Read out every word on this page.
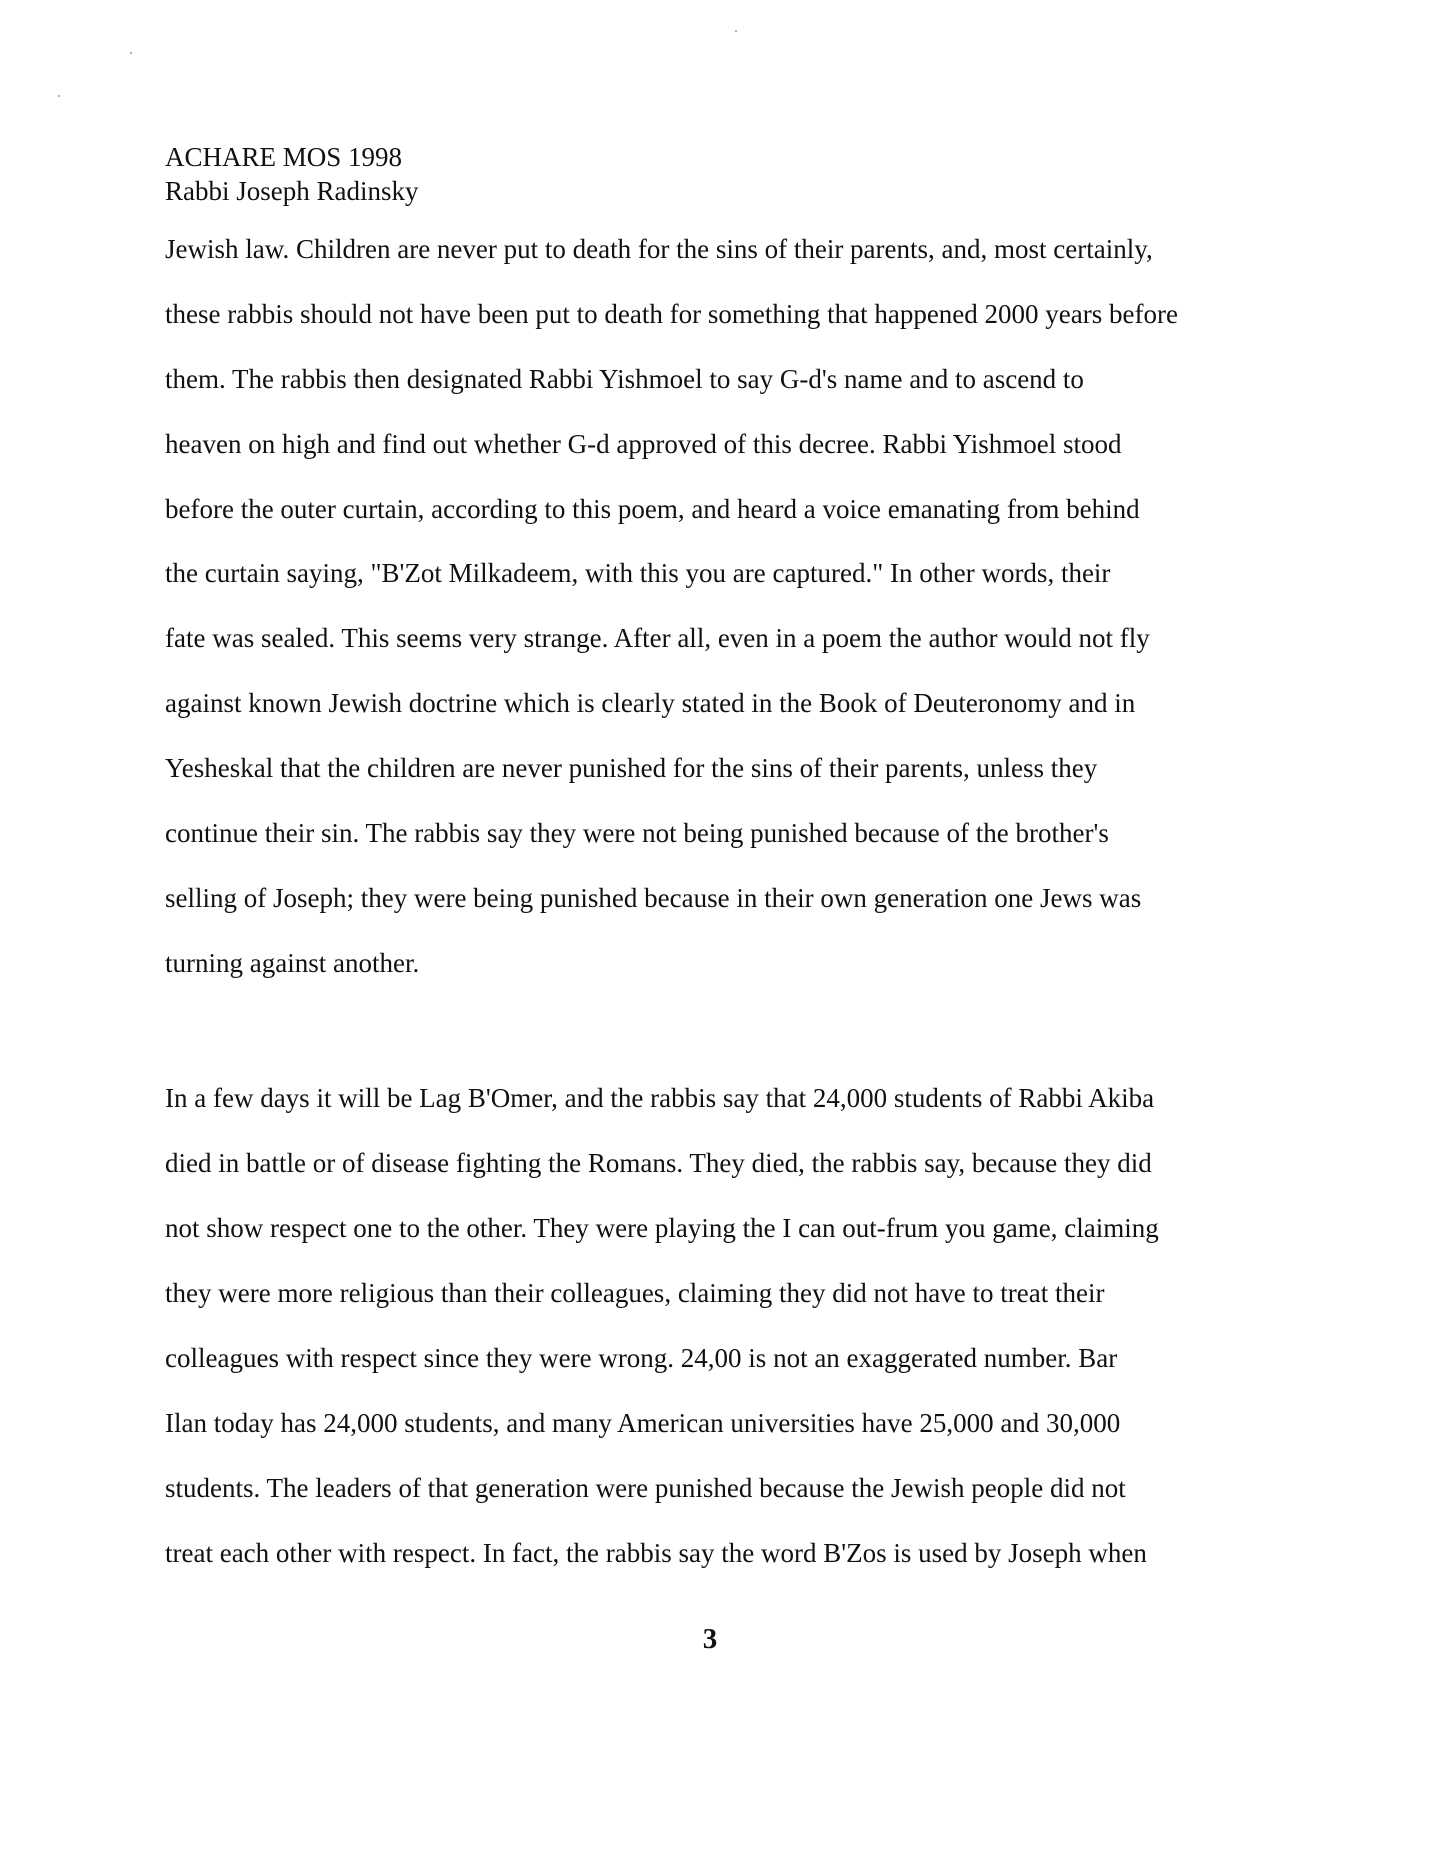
ACHARE MOS 1998
Rabbi Joseph Radinsky
Jewish law. Children are never put to death for the sins of their parents, and, most certainly,
these rabbis should not have been put to death for something that happened 2000 years before
them. The rabbis then designated Rabbi Yishmoel to say G-d's name and to ascend to
heaven on high and find out whether G-d approved of this decree. Rabbi Yishmoel stood
before the outer curtain, according to this poem, and heard a voice emanating from behind
the curtain saying, "B'Zot Milkadeem, with this you are captured." In other words, their
fate was sealed. This seems very strange. After all, even in a poem the author would not fly
against known Jewish doctrine which is clearly stated in the Book of Deuteronomy and in
Yesheskal that the children are never punished for the sins of their parents, unless they
continue their sin. The rabbis say they were not being punished because of the brother's
selling of Joseph; they were being punished because in their own generation one Jews was
turning against another.
In a few days it will be Lag B'Omer, and the rabbis say that 24,000 students of Rabbi Akiba
died in battle or of disease fighting the Romans. They died, the rabbis say, because they did
not show respect one to the other. They were playing the I can out-frum you game, claiming
they were more religious than their colleagues, claiming they did not have to treat their
colleagues with respect since they were wrong. 24,00 is not an exaggerated number. Bar
Ilan today has 24,000 students, and many American universities have 25,000 and 30,000
students. The leaders of that generation were punished because the Jewish people did not
treat each other with respect. In fact, the rabbis say the word B'Zos is used by Joseph when
3
